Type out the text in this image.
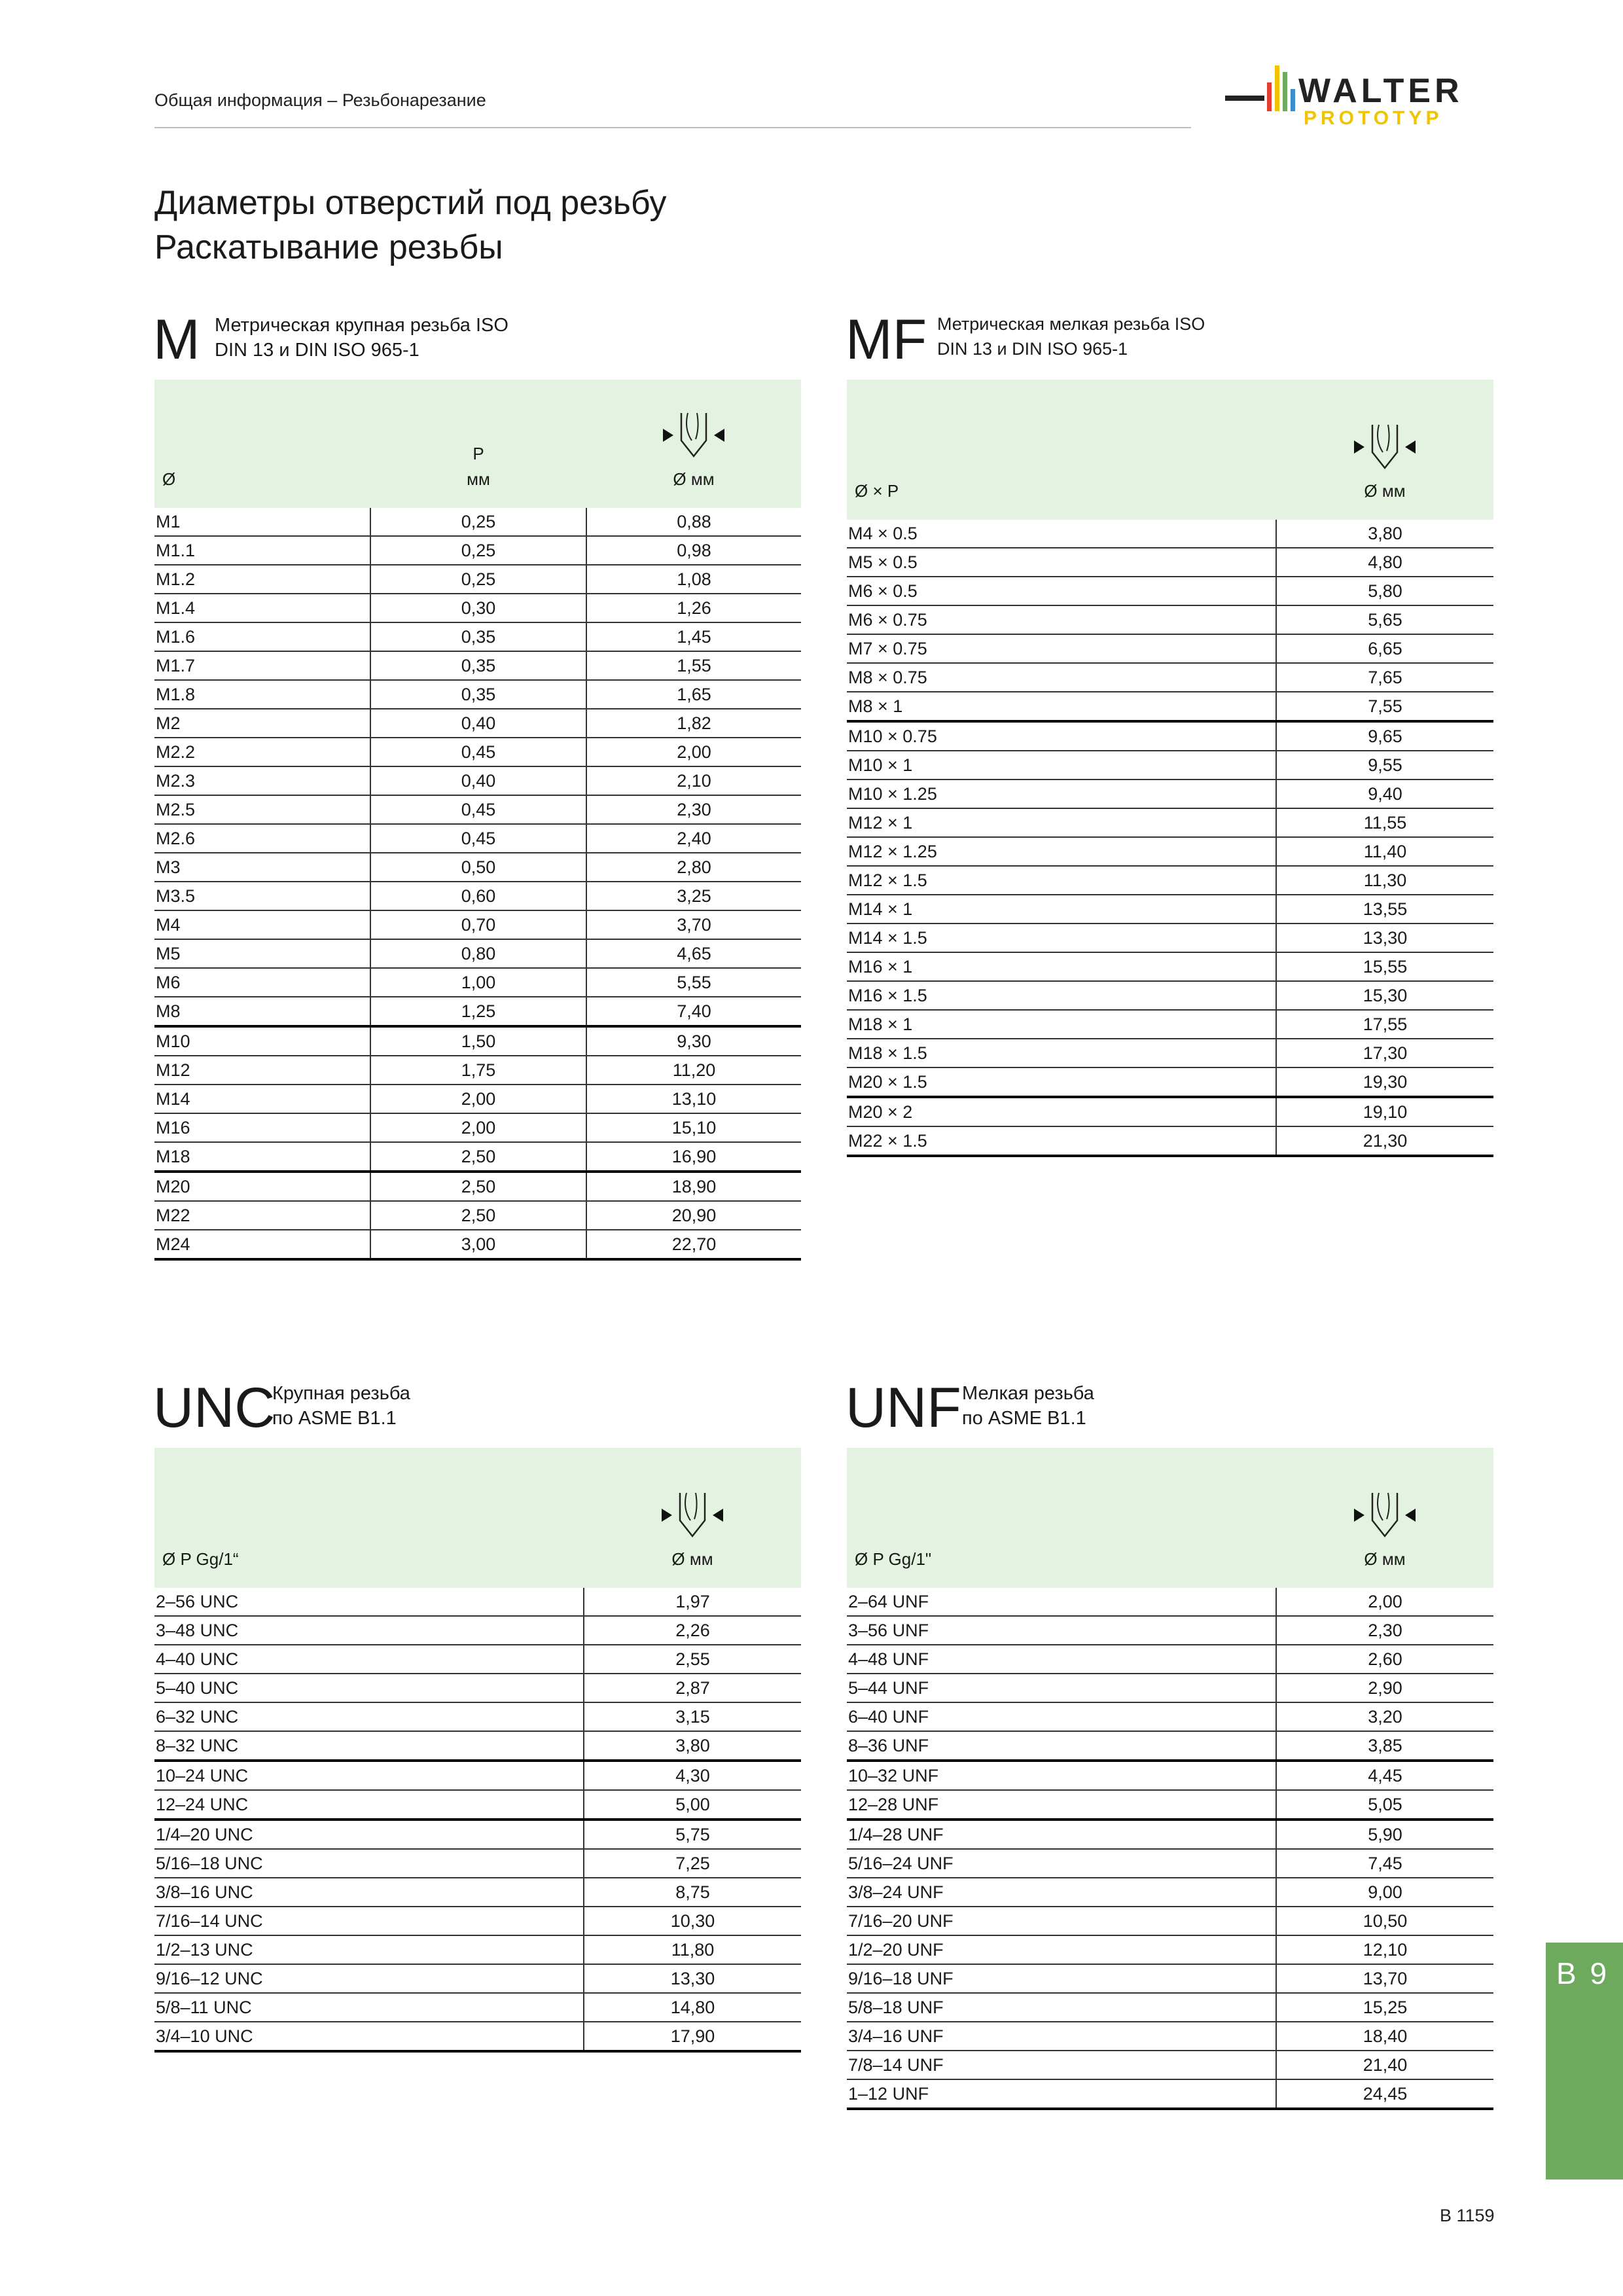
Общая информация – Резьбонарезание	WALTER
PROTOTYP
Диаметры отверстий под резьбу
Раскатывание резьбы
M Метрическая крупная резьба ISO
DIN 13 и DIN ISO 965-1
Ø	P
мм	Ø мм

M1	0,25	0,88
M1.1	0,25	0,98
M1.2	0,25	1,08
M1.4	0,30	1,26
M1.6	0,35	1,45
M1.7	0,35	1,55
M1.8	0,35	1,65
M2	0,40	1,82
M2.2	0,45	2,00
M2.3	0,40	2,10
M2.5	0,45	2,30
M2.6	0,45	2,40
M3	0,50	2,80
M3.5	0,60	3,25
M4	0,70	3,70
M5	0,80	4,65
M6	1,00	5,55
M8	1,25	7,40
M10	1,50	9,30
M12	1,75	11,20
M14	2,00	13,10
M16	2,00	15,10
M18	2,50	16,90
M20	2,50	18,90
M22	2,50	20,90
M24	3,00	22,70
MF Метрическая мелкая резьба ISO
DIN 13 и DIN ISO 965-1
Ø × P	Ø мм

M4 × 0.5	3,80
M5 × 0.5	4,80
M6 × 0.5	5,80
M6 × 0.75	5,65
M7 × 0.75	6,65
M8 × 0.75	7,65
M8 × 1	7,55
M10 × 0.75	9,65
M10 × 1	9,55
M10 × 1.25	9,40
M12 × 1	11,55
M12 × 1.25	11,40
M12 × 1.5	11,30
M14 × 1	13,55
M14 × 1.5	13,30
M16 × 1	15,55
M16 × 1.5	15,30
M18 × 1	17,55
M18 × 1.5	17,30
M20 × 1.5	19,30
M20 × 2	19,10
M22 × 1.5	21,30
UNC
Крупная резьба
по ASME B1.1
Ø P Gg/1“	Ø мм

2–56 UNC	1,97
3–48 UNC	2,26
4–40 UNC	2,55
5–40 UNC	2,87
6–32 UNC	3,15
8–32 UNC	3,80
10–24 UNC	4,30
12–24 UNC	5,00
1/4–20 UNC	5,75
5/16–18 UNC	7,25
3/8–16 UNC	8,75
7/16–14 UNC	10,30
1/2–13 UNC	11,80
9/16–12 UNC	13,30
5/8–11 UNC	14,80
3/4–10 UNC	17,90
UNF Мелкая резьба
по ASME B1.1
Ø P Gg/1"	Ø мм

2–64 UNF	2,00
3–56 UNF	2,30
4–48 UNF	2,60
5–44 UNF	2,90
6–40 UNF	3,20
8–36 UNF	3,85
10–32 UNF	4,45
12–28 UNF	5,05
1/4–28 UNF	5,90
5/16–24 UNF	7,45
3/8–24 UNF	9,00
7/16–20 UNF	10,50
1/2–20 UNF	12,10
9/16–18 UNF	13,70
5/8–18 UNF	15,25
3/4–16 UNF	18,40
7/8–14 UNF	21,40
1–12 UNF	24,45
B 9
B 1159
